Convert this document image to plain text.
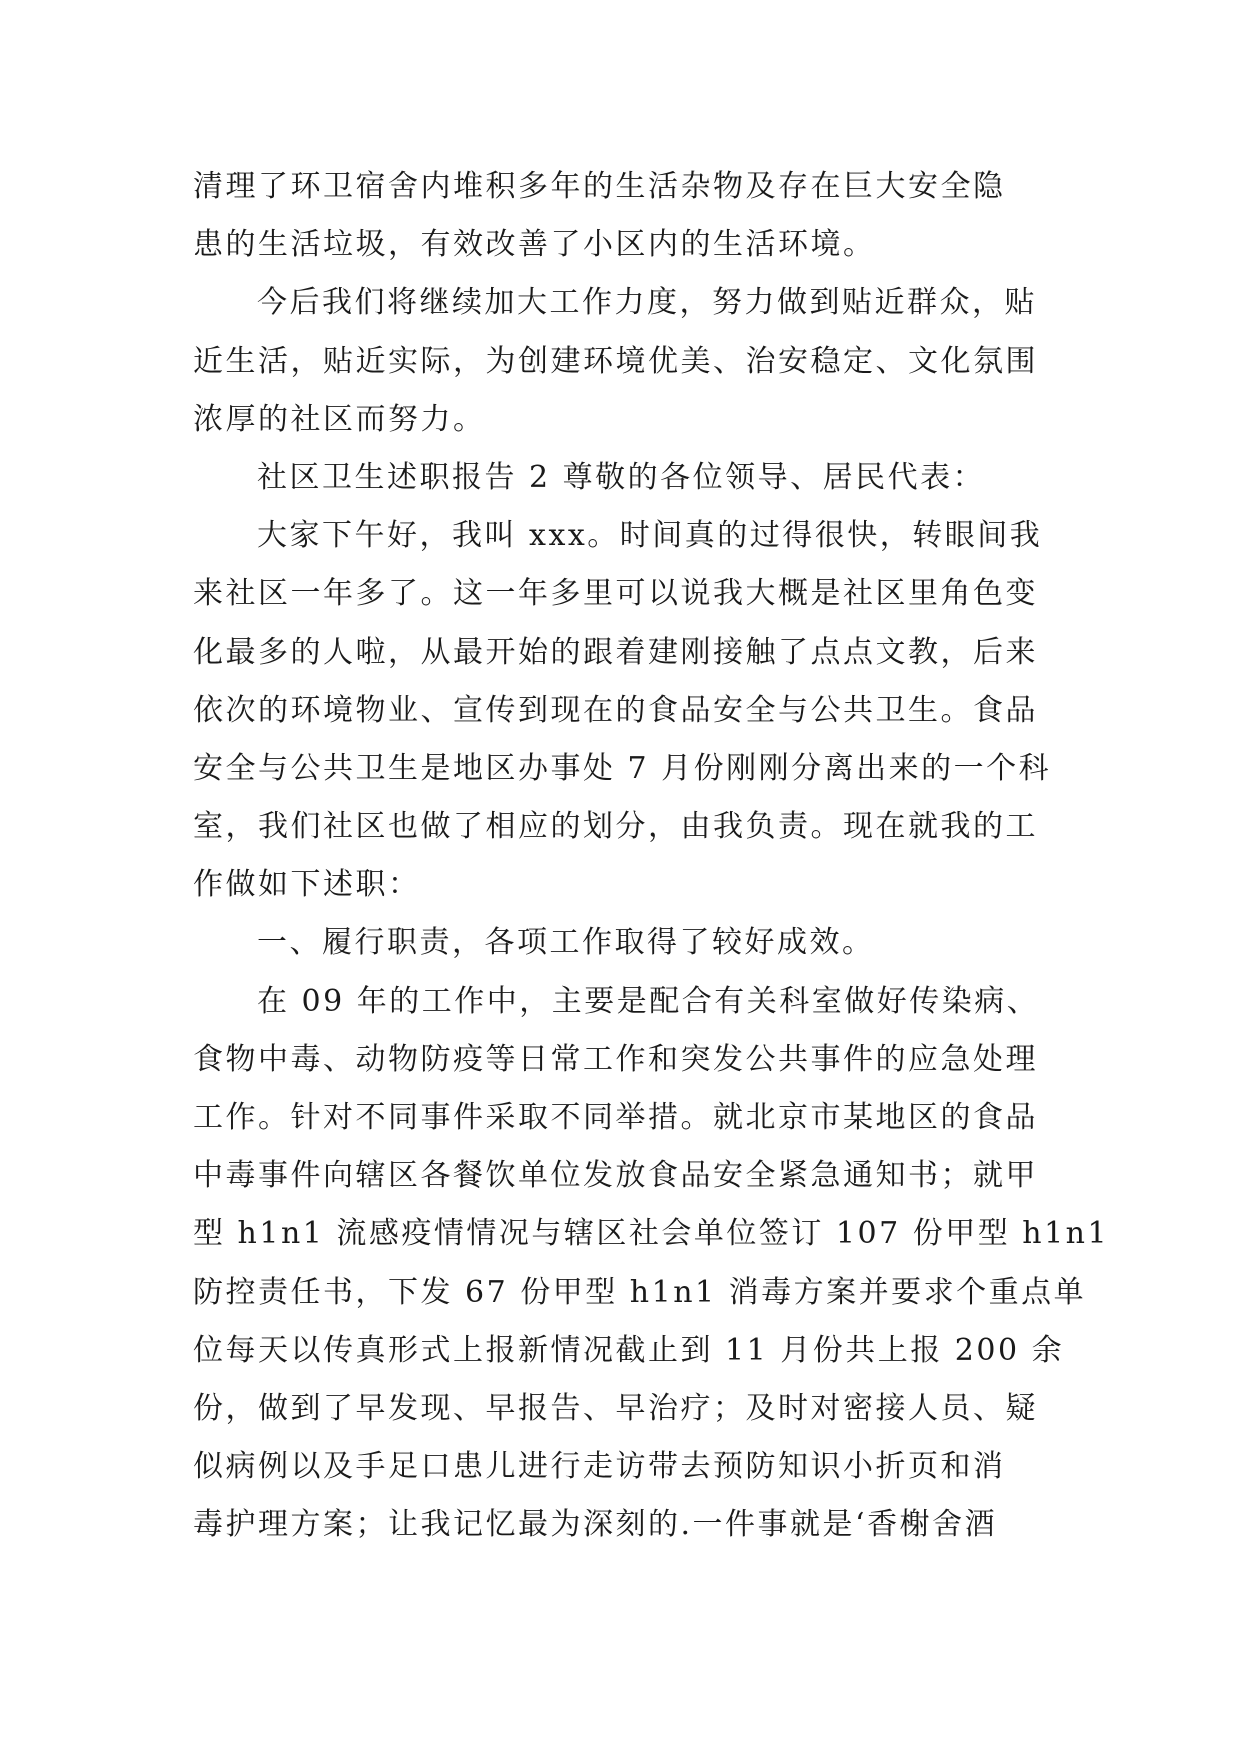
清理了环卫宿舍内堆积多年的生活杂物及存在巨大安全隐
患的生活垃圾，有效改善了小区内的生活环境。
今后我们将继续加大工作力度，努力做到贴近群众，贴
近生活，贴近实际，为创建环境优美、治安稳定、文化氛围
浓厚的社区而努力。
社区卫生述职报告 2 尊敬的各位领导、居民代表：
大家下午好，我叫 xxx。时间真的过得很快，转眼间我
来社区一年多了。这一年多里可以说我大概是社区里角色变
化最多的人啦，从最开始的跟着建刚接触了点点文教，后来
依次的环境物业、宣传到现在的食品安全与公共卫生。食品
安全与公共卫生是地区办事处 7 月份刚刚分离出来的一个科
室，我们社区也做了相应的划分，由我负责。现在就我的工
作做如下述职：
一、履行职责，各项工作取得了较好成效。
在 09 年的工作中，主要是配合有关科室做好传染病、
食物中毒、动物防疫等日常工作和突发公共事件的应急处理
工作。针对不同事件采取不同举措。就北京市某地区的食品
中毒事件向辖区各餐饮单位发放食品安全紧急通知书；就甲
型 h1n1 流感疫情情况与辖区社会单位签订 107 份甲型 h1n1
防控责任书，下发 67 份甲型 h1n1 消毒方案并要求个重点单
位每天以传真形式上报新情况截止到 11 月份共上报 200 余
份，做到了早发现、早报告、早治疗；及时对密接人员、疑
似病例以及手足口患儿进行走访带去预防知识小折页和消
毒护理方案；让我记忆最为深刻的.一件事就是‘香榭舍酒
